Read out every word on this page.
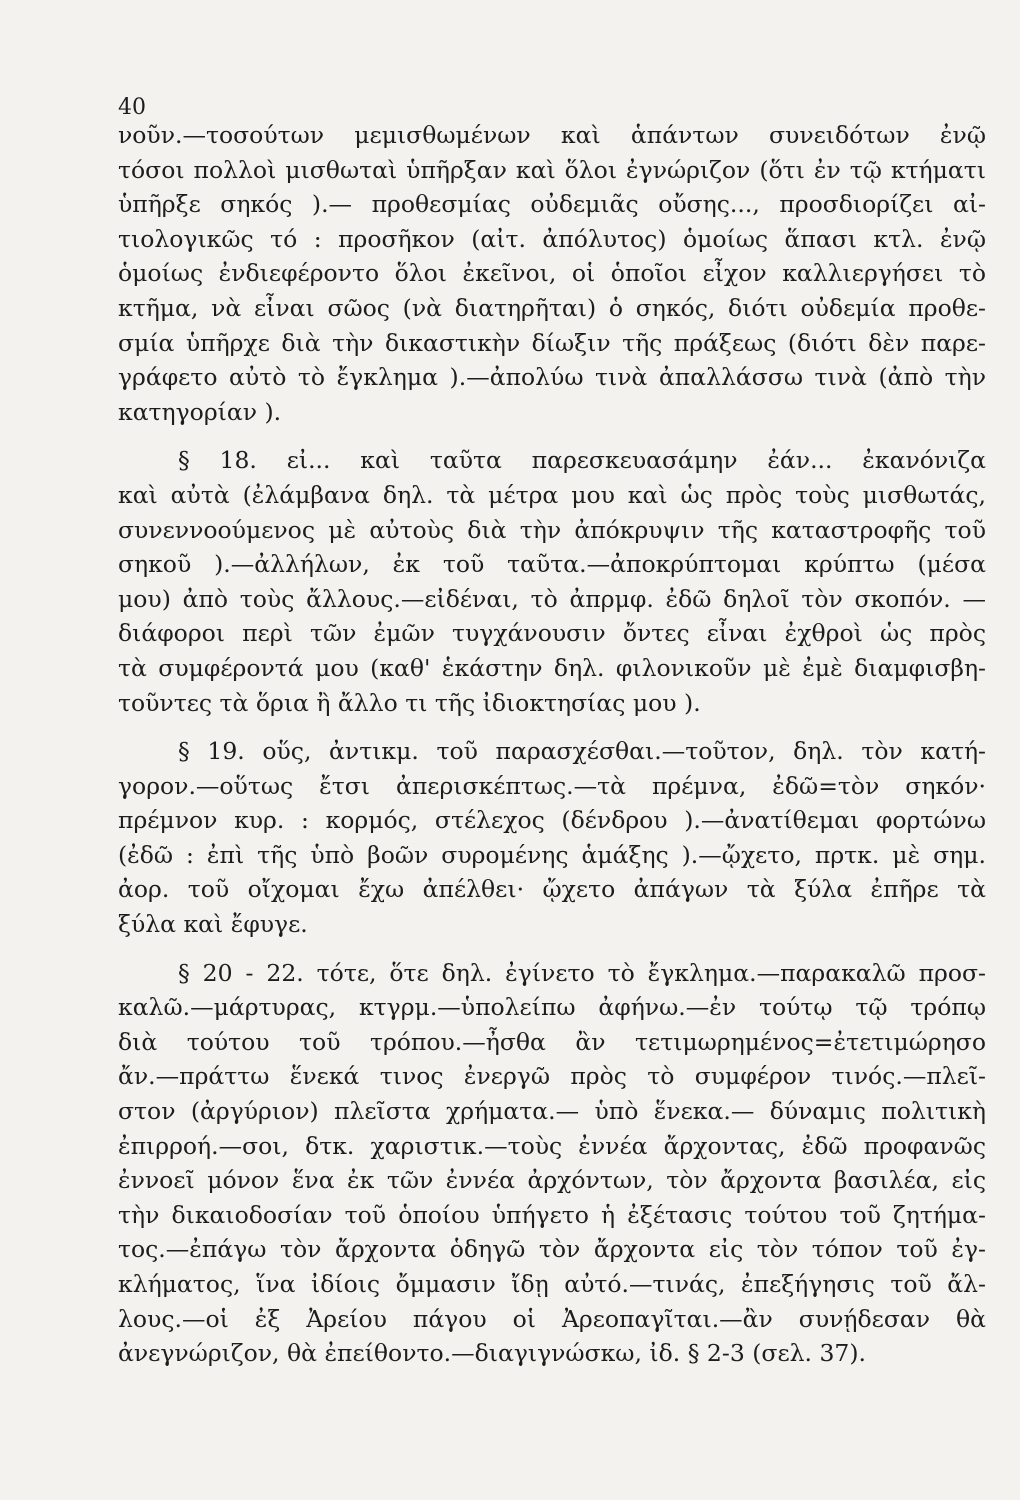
40
νοῦν.—τοσούτων μεμισθωμένων καὶ ἁπάντων συνειδότων ἐνῷ
τόσοι πολλοὶ μισθωταὶ ὑπῆρξαν καὶ ὅλοι ἐγνώριζον (ὅτι ἐν τῷ κτήματι
ὑπῆρξε σηκός ).— προθεσμίας οὐδεμιᾶς οὔσης..., προσδιορίζει αἰ-
τιολογικῶς τό : προσῆκον (αἰτ. ἀπόλυτος) ὁμοίως ἅπασι κτλ. ἐνῷ
ὁμοίως ἐνδιεφέροντο ὅλοι ἐκεῖνοι, οἱ ὁποῖοι εἶχον καλλιεργήσει τὸ
κτῆμα, νὰ εἶναι σῶος (νὰ διατηρῆται) ὁ σηκός, διότι οὐδεμία προθε-
σμία ὑπῆρχε διὰ τὴν δικαστικὴν δίωξιν τῆς πράξεως (διότι δὲν παρε-
γράφετο αὐτὸ τὸ ἔγκλημα ).—ἀπολύω τινὰ ἀπαλλάσσω τινὰ (ἀπὸ τὴν
κατηγορίαν ).
§ 18. εἰ... καὶ ταῦτα παρεσκευασάμην ἐάν... ἐκανόνιζα
καὶ αὐτὰ (ἐλάμβανα δηλ. τὰ μέτρα μου καὶ ὡς πρὸς τοὺς μισθωτάς,
συνεννοούμενος μὲ αὐτοὺς διὰ τὴν ἀπόκρυψιν τῆς καταστροφῆς τοῦ
σηκοῦ ).—ἀλλήλων, ἐκ τοῦ ταῦτα.—ἀποκρύπτομαι κρύπτω (μέσα
μου) ἀπὸ τοὺς ἄλλους.—εἰδέναι, τὸ ἀπρμφ. ἐδῶ δηλοῖ τὸν σκοπόν. —
διάφοροι περὶ τῶν ἐμῶν τυγχάνουσιν ὄντες εἶναι ἐχθροὶ ὡς πρὸς
τὰ συμφέροντά μου (καθ' ἑκάστην δηλ. φιλονικοῦν μὲ ἐμὲ διαμφισβη-
τοῦντες τὰ ὅρια ἢ ἄλλο τι τῆς ἰδιοκτησίας μου ).
§ 19. οὕς, ἀντικμ. τοῦ παρασχέσθαι.—τοῦτον, δηλ. τὸν κατή-
γορον.—οὕτως ἔτσι ἀπερισκέπτως.—τὰ πρέμνα, ἐδῶ=τὸν σηκόν·
πρέμνον κυρ. : κορμός, στέλεχος (δένδρου ).—ἀνατίθεμαι φορτώνω
(ἐδῶ : ἐπὶ τῆς ὑπὸ βοῶν συρομένης ἁμάξης ).—ᾤχετο, πρτκ. μὲ σημ.
ἀορ. τοῦ οἴχομαι ἔχω ἀπέλθει· ᾤχετο ἀπάγων τὰ ξύλα ἐπῆρε τὰ
ξύλα καὶ ἔφυγε.
§ 20 - 22. τότε, ὅτε δηλ. ἐγίνετο τὸ ἔγκλημα.—παρακαλῶ προσ-
καλῶ.—μάρτυρας, κτγρμ.—ὑπολείπω ἀφήνω.—ἐν τούτῳ τῷ τρόπῳ
διὰ τούτου τοῦ τρόπου.—ἦσθα ἂν τετιμωρημένος=ἐτετιμώρησο
ἄν.—πράττω ἕνεκά τινος ἐνεργῶ πρὸς τὸ συμφέρον τινός.—πλεῖ-
στον (ἀργύριον) πλεῖστα χρήματα.— ὑπὸ ἕνεκα.— δύναμις πολιτικὴ
ἐπιρροή.—σοι, δτκ. χαριστικ.—τοὺς ἐννέα ἄρχοντας, ἐδῶ προφανῶς
ἐννοεῖ μόνον ἕνα ἐκ τῶν ἐννέα ἀρχόντων, τὸν ἄρχοντα βασιλέα, εἰς
τὴν δικαιοδοσίαν τοῦ ὁποίου ὑπήγετο ἡ ἐξέτασις τούτου τοῦ ζητήμα-
τος.—ἐπάγω τὸν ἄρχοντα ὁδηγῶ τὸν ἄρχοντα εἰς τὸν τόπον τοῦ ἐγ-
κλήματος, ἵνα ἰδίοις ὄμμασιν ἴδῃ αὐτό.—τινάς, ἐπεξήγησις τοῦ ἄλ-
λους.—οἱ ἐξ Ἀρείου πάγου οἱ Ἀρεοπαγῖται.—ἂν συνῄδεσαν θὰ
ἀνεγνώριζον, θὰ ἐπείθοντο.—διαγιγνώσκω, ἰδ. § 2-3 (σελ. 37).
